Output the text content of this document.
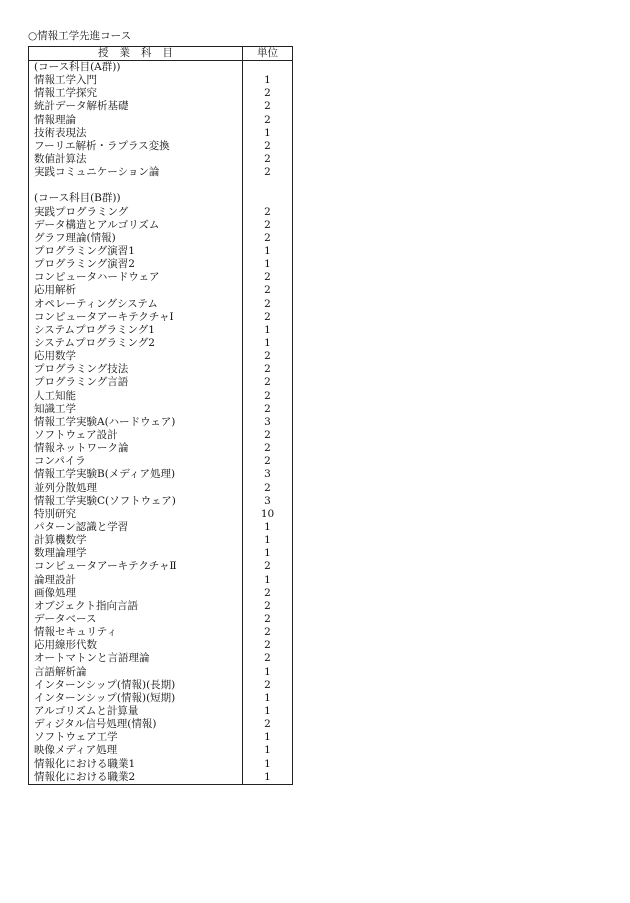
○情報工学先進コース
授業科目	単位
(コース科目(A群))	
情報工学入門	1
情報工学探究	2
統計データ解析基礎	2
情報理論	2
技術表現法	1
フーリエ解析・ラプラス変換	2
数値計算法	2
実践コミュニケーション論	2

(コース科目(B群))	
実践プログラミング	2
データ構造とアルゴリズム	2
グラフ理論(情報)	2
プログラミング演習1	1
プログラミング演習2	1
コンピュータハードウェア	2
応用解析	2
オペレーティングシステム	2
コンピュータアーキテクチャⅠ	2
システムプログラミング1	1
システムプログラミング2	1
応用数学	2
プログラミング技法	2
プログラミング言語	2
人工知能	2
知識工学	2
情報工学実験A(ハードウェア)	3
ソフトウェア設計	2
情報ネットワーク論	2
コンパイラ	2
情報工学実験B(メディア処理)	3
並列分散処理	2
情報工学実験C(ソフトウェア)	3
特別研究	10
パターン認識と学習	1
計算機数学	1
数理論理学	1
コンピュータアーキテクチャⅡ	2
論理設計	1
画像処理	2
オブジェクト指向言語	2
データベース	2
情報セキュリティ	2
応用線形代数	2
オートマトンと言語理論	2
言語解析論	1
インターンシップ(情報)(長期)	2
インターンシップ(情報)(短期)	1
アルゴリズムと計算量	1
ディジタル信号処理(情報)	2
ソフトウェア工学	1
映像メディア処理	1
情報化における職業1	1
情報化における職業2	1
